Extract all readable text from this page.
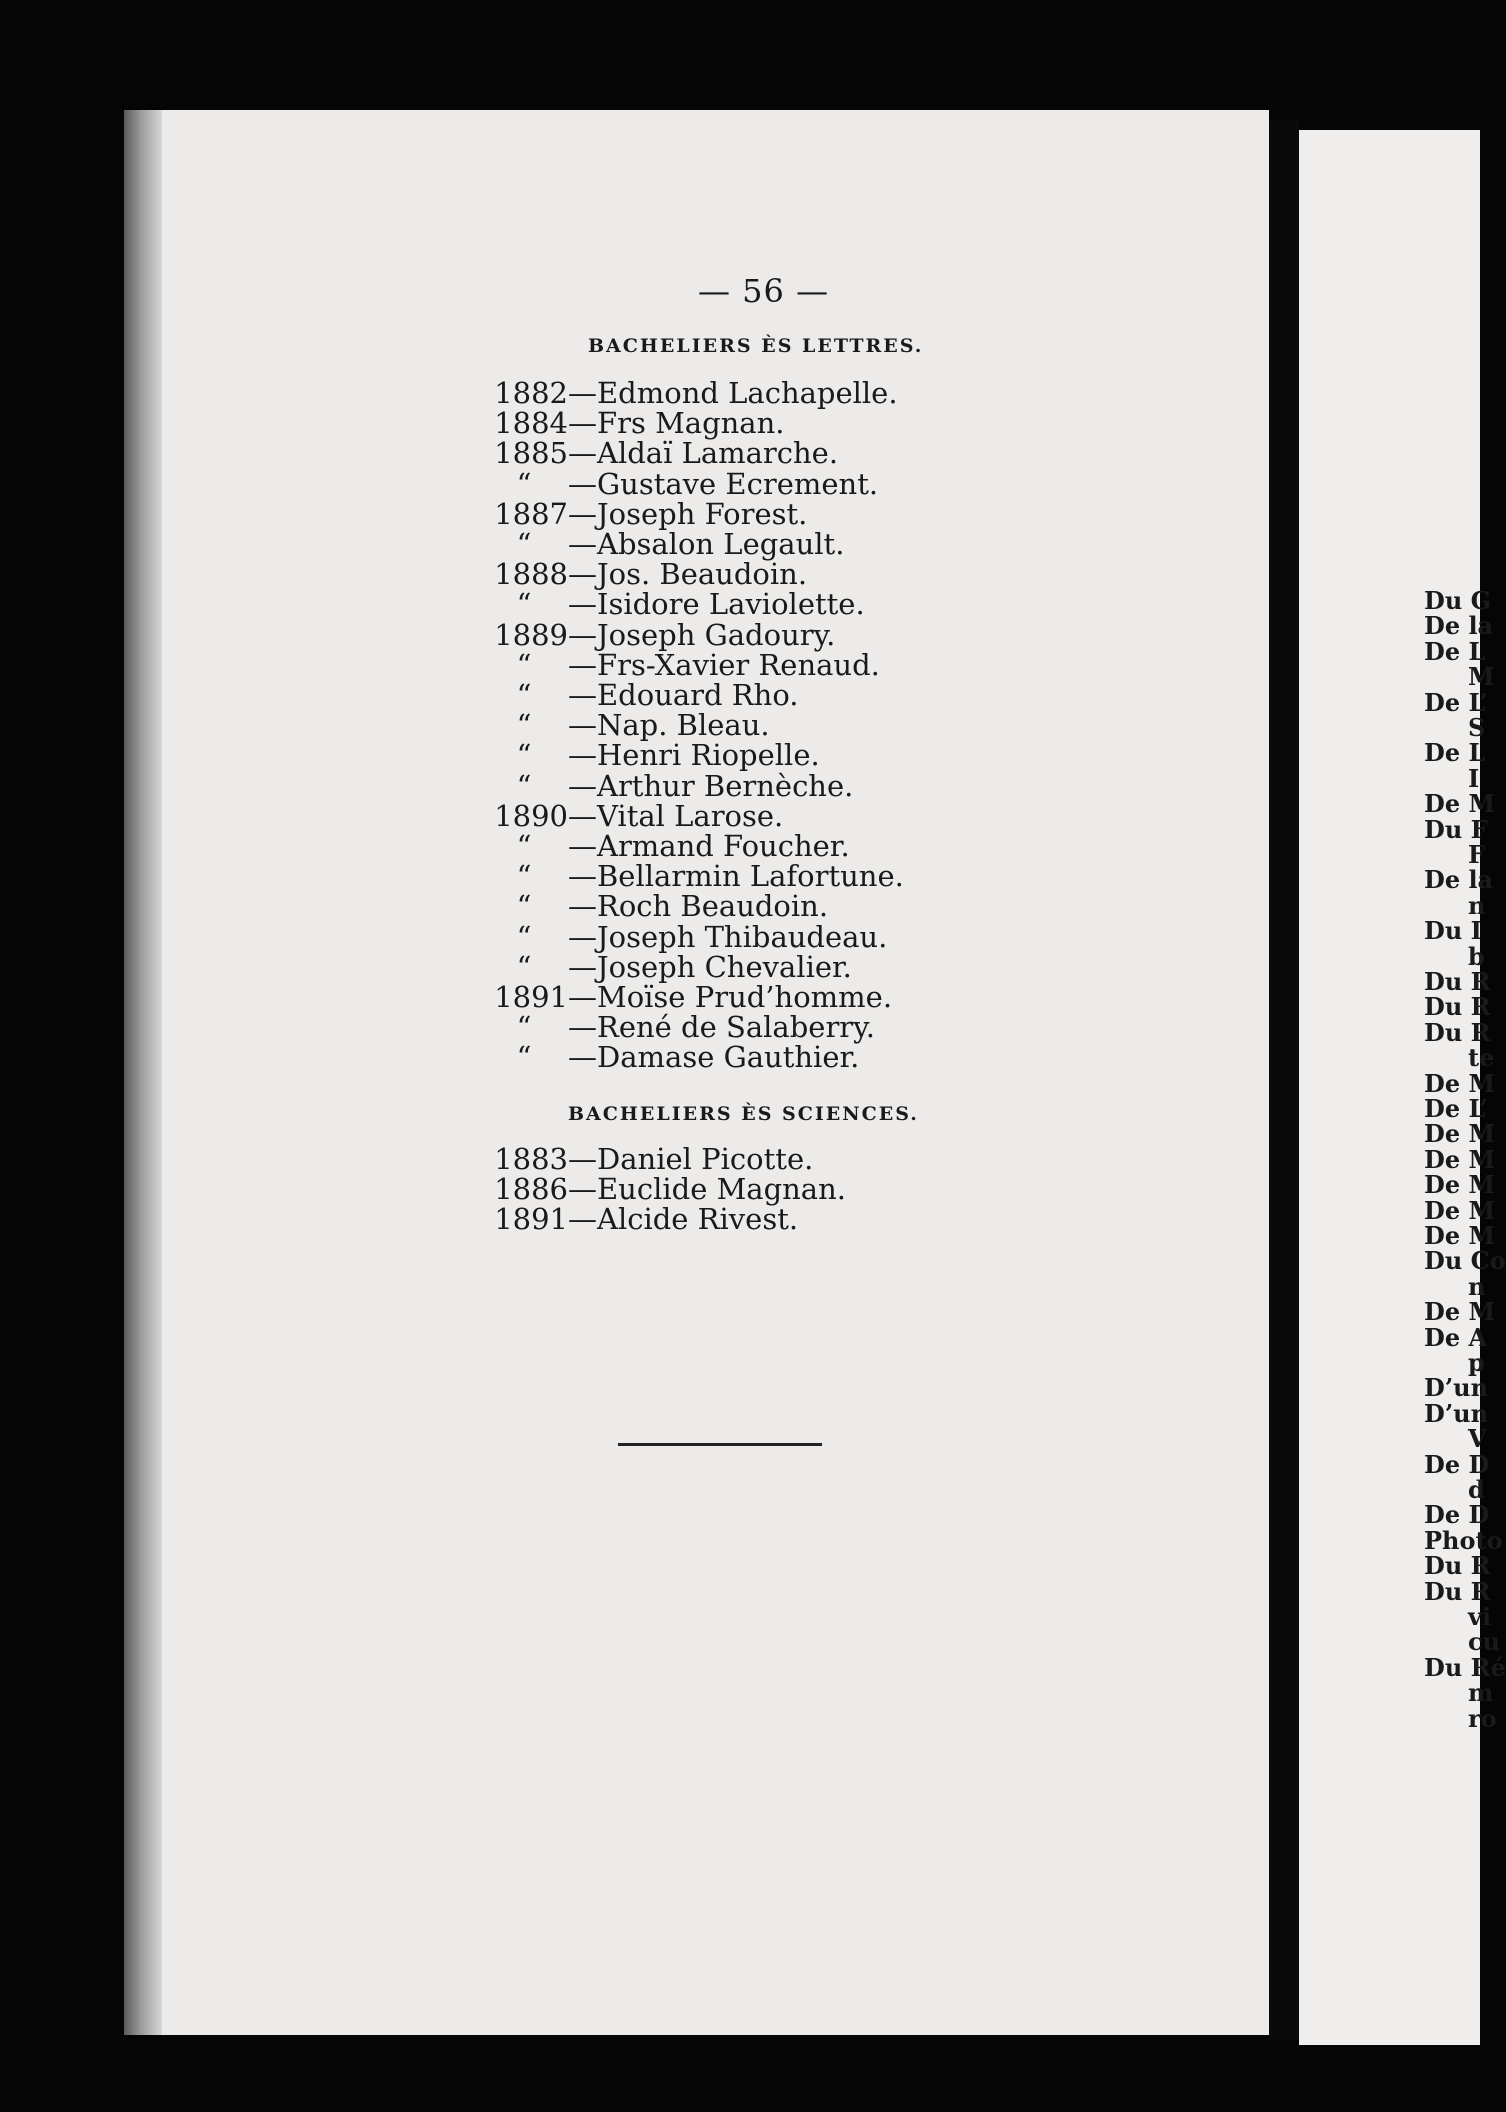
— 56 —
BACHELIERS ÈS LETTRES.
BACHELIERS ÈS SCIENCES.
1882—Edmond Lachapelle.
1884—Frs Magnan.
1885—Aldaï Lamarche.
“ —Gustave Ecrement.
1887—Joseph Forest.
“ —Absalon Legault.
1888—Jos. Beaudoin.
“ —Isidore Laviolette.
1889—Joseph Gadoury.
“ —Frs-Xavier Renaud.
“ —Edouard Rho.
“ —Nap. Bleau.
“ —Henri Riopelle.
“ —Arthur Bernèche.
1890—Vital Larose.
“ —Armand Foucher.
“ —Bellarmin Lafortune.
“ —Roch Beaudoin.
“ —Joseph Thibaudeau.
“ —Joseph Chevalier.
1891—Moïse Prud’homme.
“ —René de Salaberry.
“ —Damase Gauthier.
1883—Daniel Picotte.
1886—Euclide Magnan.
1891—Alcide Rivest.
Du G
De la
De L
M
De L’
S
De L
I
De M
Du F
F
De la
n
Du I
b
Du R
Du R
Du R
te
De M
De L’
De M
De M
De M
De M
De M
Du Co
n
De M
De A
p
D’un
D’un
V
De D
d
De D
Photo
Du R
Du R
vi
cu
Du Ré
m
ro
